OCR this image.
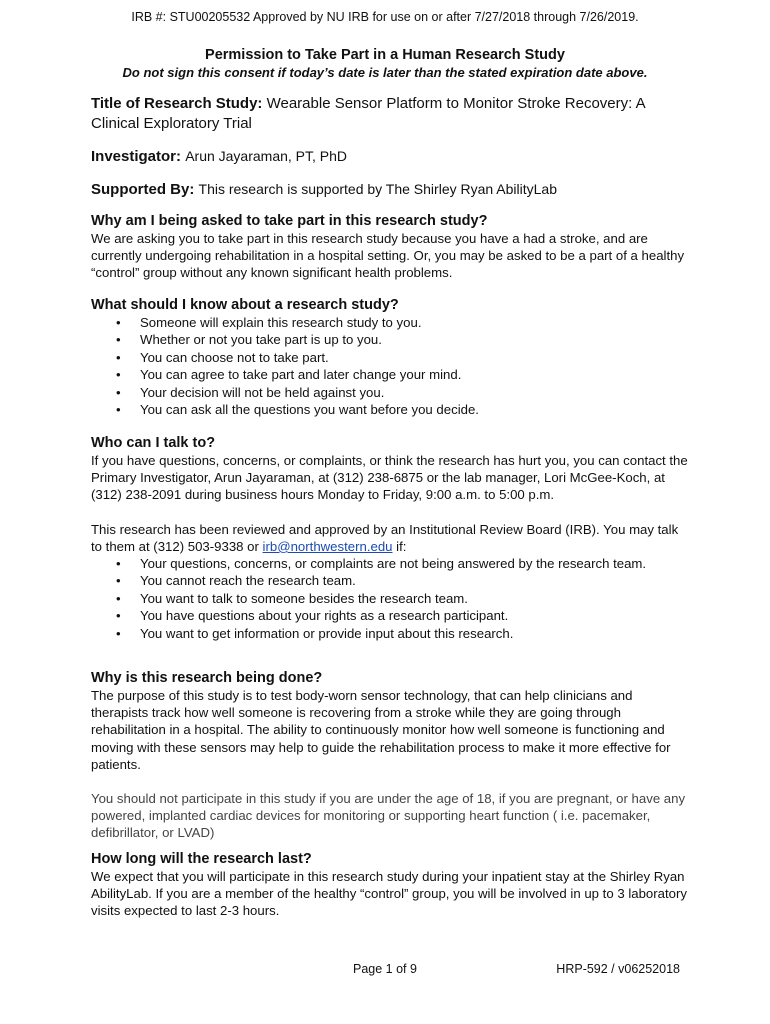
IRB #: STU00205532 Approved by NU IRB for use on or after 7/27/2018 through 7/26/2019.
Permission to Take Part in a Human Research Study
Do not sign this consent if today’s date is later than the stated expiration date above.
Title of Research Study: Wearable Sensor Platform to Monitor Stroke Recovery: A Clinical Exploratory Trial
Investigator: Arun Jayaraman, PT, PhD
Supported By: This research is supported by The Shirley Ryan AbilityLab
Why am I being asked to take part in this research study?
We are asking you to take part in this research study because you have a had a stroke, and are currently undergoing rehabilitation in a hospital setting. Or, you may be asked to be a part of a healthy “control” group without any known significant health problems.
What should I know about a research study?
• Someone will explain this research study to you.
• Whether or not you take part is up to you.
• You can choose not to take part.
• You can agree to take part and later change your mind.
• Your decision will not be held against you.
• You can ask all the questions you want before you decide.
Who can I talk to?
If you have questions, concerns, or complaints, or think the research has hurt you, you can contact the Primary Investigator, Arun Jayaraman, at (312) 238-6875 or the lab manager, Lori McGee-Koch, at (312) 238-2091 during business hours Monday to Friday, 9:00 a.m. to 5:00 p.m.
This research has been reviewed and approved by an Institutional Review Board (IRB). You may talk to them at (312) 503-9338 or irb@northwestern.edu if:
• Your questions, concerns, or complaints are not being answered by the research team.
• You cannot reach the research team.
• You want to talk to someone besides the research team.
• You have questions about your rights as a research participant.
• You want to get information or provide input about this research.
Why is this research being done?
The purpose of this study is to test body-worn sensor technology, that can help clinicians and therapists track how well someone is recovering from a stroke while they are going through rehabilitation in a hospital. The ability to continuously monitor how well someone is functioning and moving with these sensors may help to guide the rehabilitation process to make it more effective for patients.
You should not participate in this study if you are under the age of 18, if you are pregnant, or have any powered, implanted cardiac devices for monitoring or supporting heart function ( i.e. pacemaker, defibrillator, or LVAD)
How long will the research last?
We expect that you will participate in this research study during your inpatient stay at the Shirley Ryan AbilityLab. If you are a member of the healthy “control” group, you will be involved in up to 3 laboratory visits expected to last 2-3 hours.
Page 1 of 9	HRP-592 / v06252018
